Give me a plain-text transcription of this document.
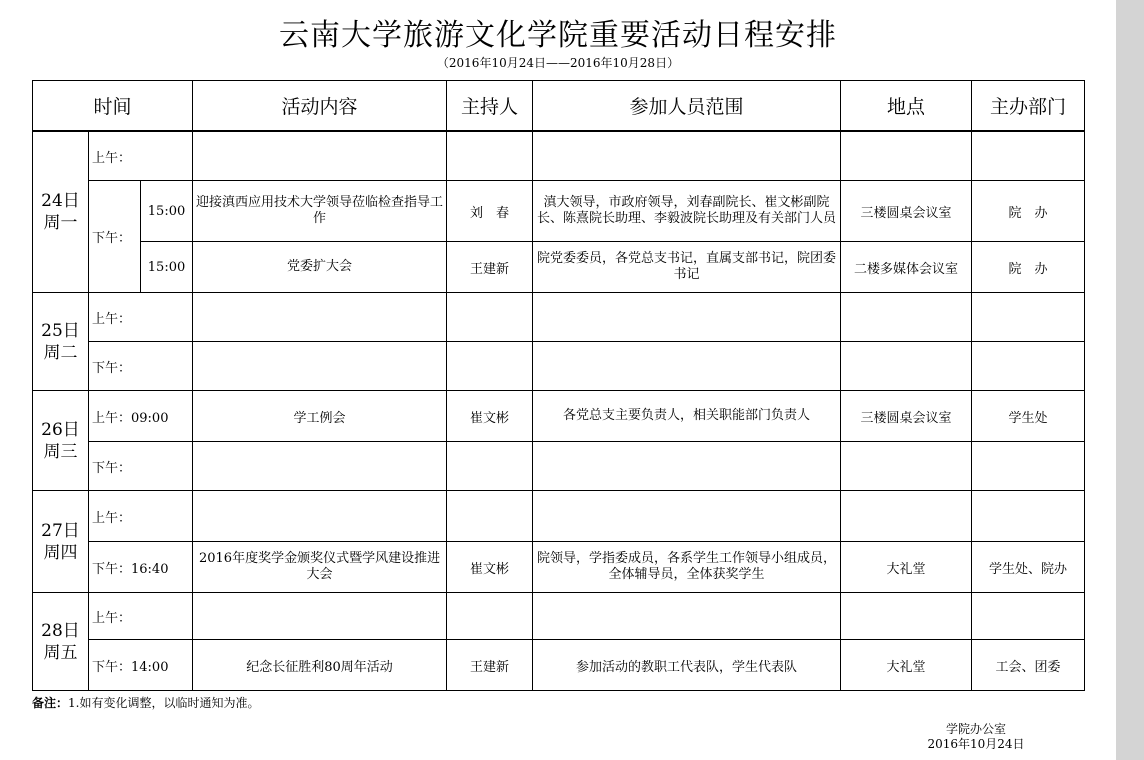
云南大学旅游文化学院重要活动日程安排
（2016年10月24日——2016年10月28日）
时间			活动内容	主持人	参加人员范围	地点	主办部门

24日
周一	上午：						
	下午：	15:00	迎接滇西应用技术大学领导莅临检查指导工作	刘　春	滇大领导，市政府领导，刘春副院长、崔文彬副院长、陈熹院长助理、李毅波院长助理及有关部门人员	三楼圆桌会议室	院　办
		15:00	党委扩大会	王建新	院党委委员，各党总支书记，直属支部书记，院团委书记	二楼多媒体会议室	院　办

25日
周二	上午：						
	下午：						

26日
周三	上午：09:00		学工例会	崔文彬	各党总支主要负责人，相关职能部门负责人	三楼圆桌会议室	学生处
	下午：						

27日
周四	上午：						
	下午：16:40		2016年度奖学金颁奖仪式暨学风建设推进大会	崔文彬	院领导，学指委成员，各系学生工作领导小组成员，全体辅导员，全体获奖学生	大礼堂	学生处、院办

28日
周五	上午：						
	下午：14:00		纪念长征胜利80周年活动	王建新	参加活动的教职工代表队，学生代表队	大礼堂	工会、团委
备注：1.如有变化调整，以临时通知为准。
学院办公室
2016年10月24日
